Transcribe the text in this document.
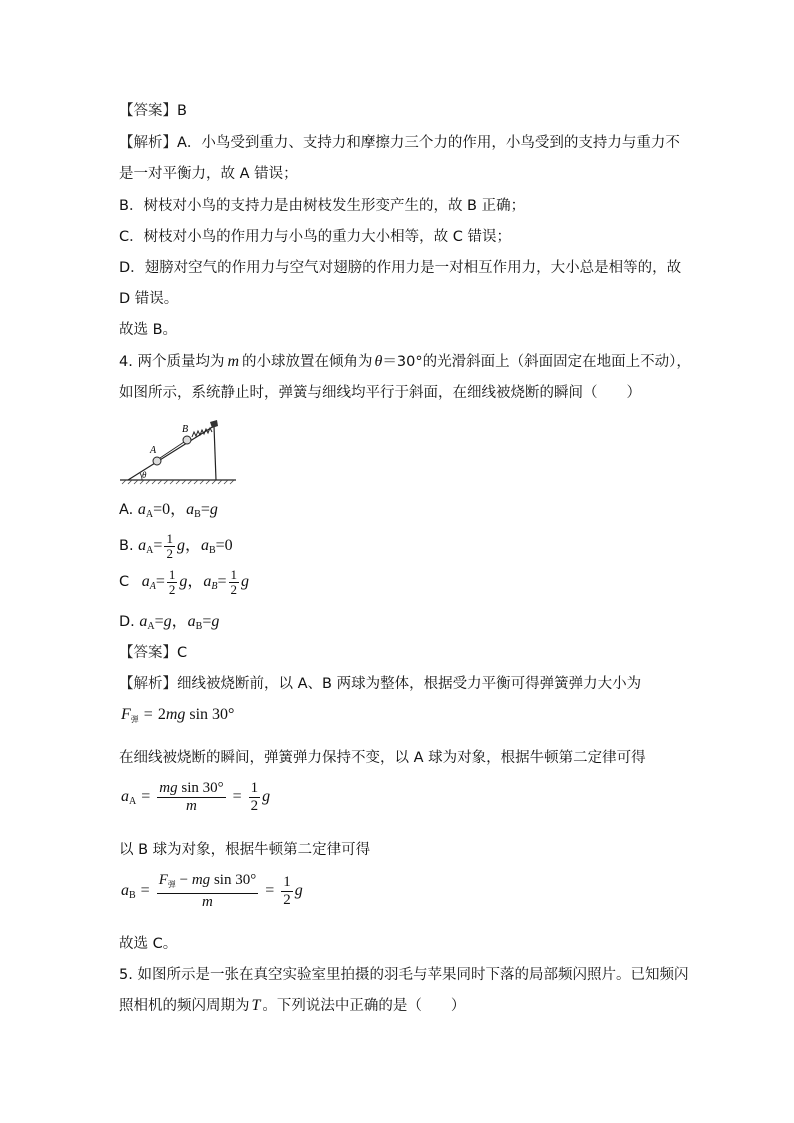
【答案】B
【解析】A．小鸟受到重力、支持力和摩擦力三个力的作用，小鸟受到的支持力与重力不
是一对平衡力，故 A 错误；
B．树枝对小鸟的支持力是由树枝发生形变产生的，故 B 正确；
C．树枝对小鸟的作用力与小鸟的重力大小相等，故 C 错误；
D．翅膀对空气的作用力与空气对翅膀的作用力是一对相互作用力，大小总是相等的，故
D 错误。
故选 B。
4. 两个质量均为 m 的小球放置在倾角为 θ＝30°的光滑斜面上（斜面固定在地面上不动），
如图所示，系统静止时，弹簧与细线均平行于斜面，在细线被烧断的瞬间（　　）
A
B
θ
A. $a_A=0$，$a_B=g$
B. $a_A= \frac{1}{2}$ g，$a_B=0$
C $a_A= \frac{1}{2}$ g，$a_B= \frac{1}{2}$ g
D. $a_A=g$，$a_B=g$
【答案】C
【解析】细线被烧断前，以 A、B 两球为整体，根据受力平衡可得弹簧弹力大小为
$F_弹 = 2mg$ sin 30°
在细线被烧断的瞬间，弹簧弹力保持不变，以 A 球为对象，根据牛顿第二定律可得
$a_A = \frac{\text{mg sin 30°}}{m} = \frac{1}{2}$ g
以 B 球为对象，根据牛顿第二定律可得
$a_B = \frac{F_弹 - mg \sin 30^\circ}{m} = \frac{1}{2}$ g
故选 C。
5. 如图所示是一张在真空实验室里拍摄的羽毛与苹果同时下落的局部频闪照片。已知频闪
照相机的频闪周期为 T 。下列说法中正确的是（　　）
